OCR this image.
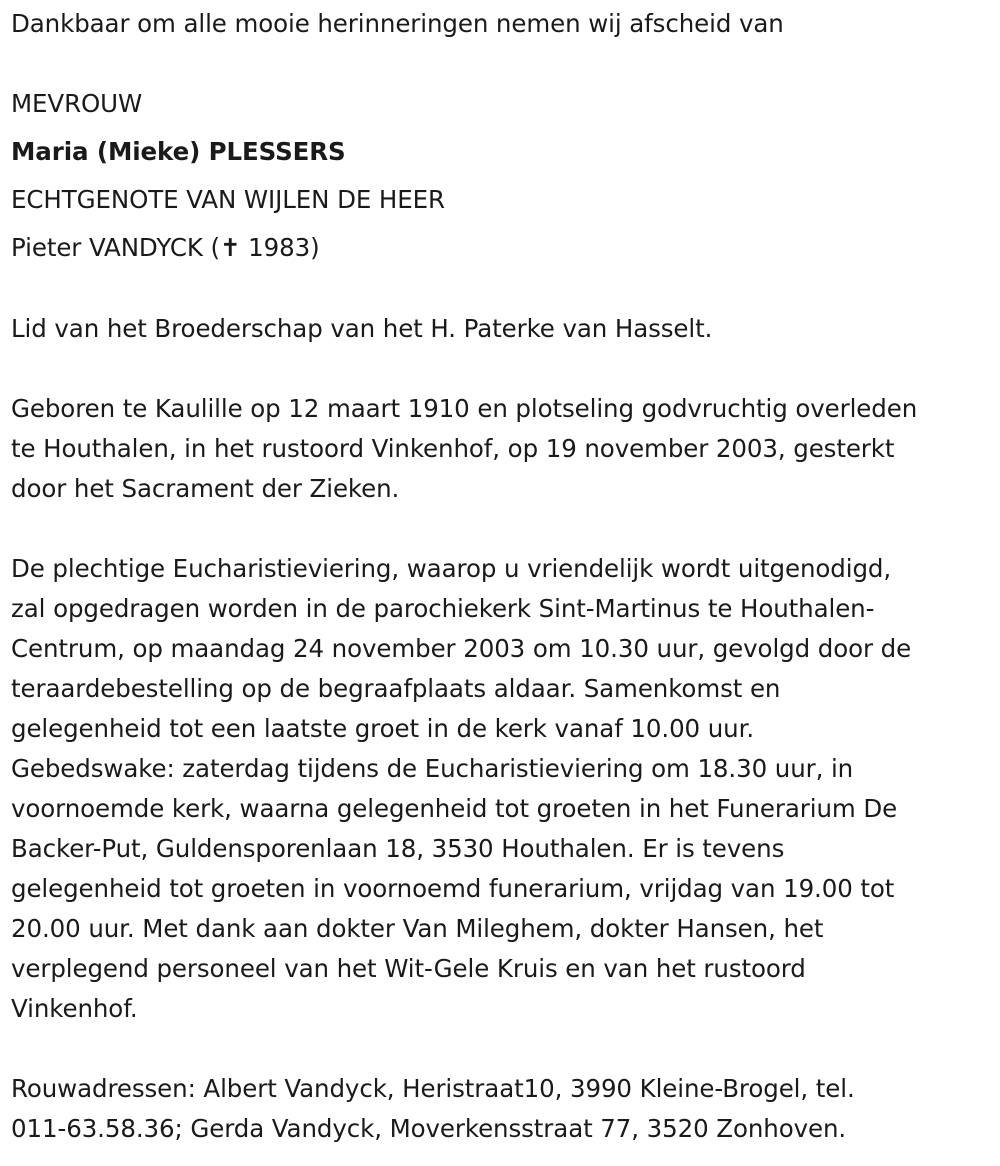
Dankbaar om alle mooie herinneringen nemen wij afscheid van
MEVROUW
Maria (Mieke) PLESSERS
ECHTGENOTE VAN WIJLEN DE HEER
Pieter VANDYCK (✝ 1983)
Lid van het Broederschap van het H. Paterke van Hasselt.
Geboren te Kaulille op 12 maart 1910 en plotseling godvruchtig overleden
te Houthalen, in het rustoord Vinkenhof, op 19 november 2003, gesterkt
door het Sacrament der Zieken.
De plechtige Eucharistieviering, waarop u vriendelijk wordt uitgenodigd,
zal opgedragen worden in de parochiekerk Sint-Martinus te Houthalen-
Centrum, op maandag 24 november 2003 om 10.30 uur, gevolgd door de
teraardebestelling op de begraafplaats aldaar. Samenkomst en
gelegenheid tot een laatste groet in de kerk vanaf 10.00 uur.
Gebedswake: zaterdag tijdens de Eucharistieviering om 18.30 uur, in
voornoemde kerk, waarna gelegenheid tot groeten in het Funerarium De
Backer-Put, Guldensporenlaan 18, 3530 Houthalen. Er is tevens
gelegenheid tot groeten in voornoemd funerarium, vrijdag van 19.00 tot
20.00 uur. Met dank aan dokter Van Mileghem, dokter Hansen, het
verplegend personeel van het Wit-Gele Kruis en van het rustoord
Vinkenhof.
Rouwadressen: Albert Vandyck, Heristraat10, 3990 Kleine-Brogel, tel.
011-63.58.36; Gerda Vandyck, Moverkensstraat 77, 3520 Zonhoven.
